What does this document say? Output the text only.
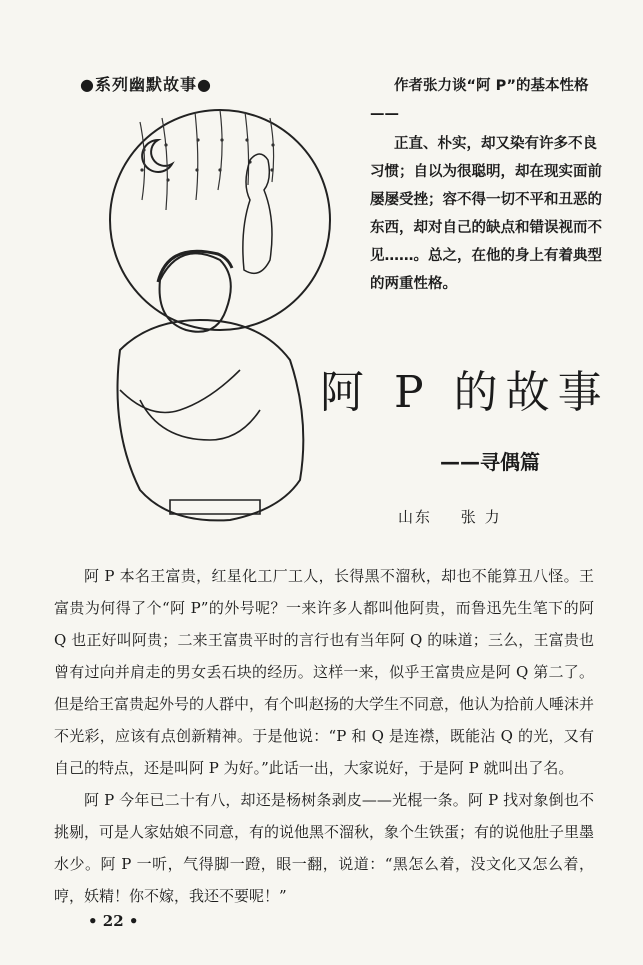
●系列幽默故事●	作者张力谈“阿 P”的基本性格——
正直、朴实，却又染有许多不良习惯；自以为很聪明，却在现实面前屡屡受挫；容不得一切不平和丑恶的东西，却对自己的缺点和错误视而不见……。总之，在他的身上有着典型的两重性格。
阿 P 的故事
——寻偶篇
山东 张 力

阿 P 本名王富贵，红星化工厂工人，长得黑不溜秋，却也不能算丑八怪。王富贵为何得了个“阿 P”的外号呢？一来许多人都叫他阿贵，而鲁迅先生笔下的阿 Q 也正好叫阿贵；二来王富贵平时的言行也有当年阿 Q 的味道；三么，王富贵也曾有过向并肩走的男女丢石块的经历。这样一来，似乎王富贵应是阿 Q 第二了。但是给王富贵起外号的人群中，有个叫赵扬的大学生不同意，他认为拾前人唾沫并不光彩，应该有点创新精神。于是他说：“P 和 Q 是连襟，既能沾 Q 的光，又有自己的特点，还是叫阿 P 为好。”此话一出，大家说好，于是阿 P 就叫出了名。

阿 P 今年已二十有八，却还是杨树条剥皮——光棍一条。阿 P 找对象倒也不挑剔，可是人家姑娘不同意，有的说他黑不溜秋，象个生铁蛋；有的说他肚子里墨水少。阿 P 一听，气得脚一蹬，眼一翻，说道：“黑怎么着，没文化又怎么着，哼，妖精！你不嫁，我还不要呢！”

• 22 •
